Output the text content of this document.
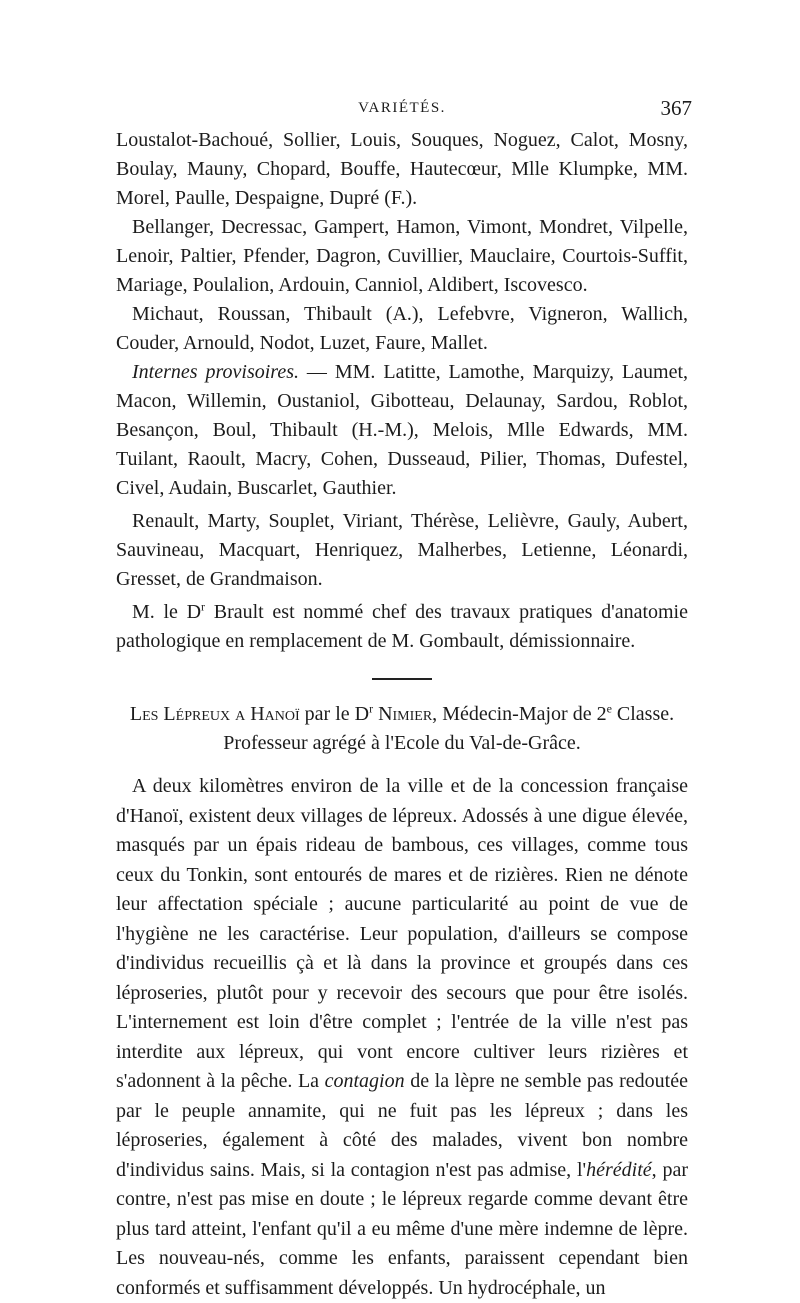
VARIÉTÉS.	367

Loustalot-Bachoué, Sollier, Louis, Souques, Noguez, Calot, Mosny, Boulay, Mauny, Chopard, Bouffe, Hautecœur, Mlle Klumpke, MM. Morel, Paulle, Despaigne, Dupré (F.).

Bellanger, Decressac, Gampert, Hamon, Vimont, Mondret, Vilpelle, Lenoir, Paltier, Pfender, Dagron, Cuvillier, Mauclaire, Courtois-Suffit, Mariage, Poulalion, Ardouin, Canniol, Aldibert, Iscovesco.

Michaut, Roussan, Thibault (A.), Lefebvre, Vigneron, Wallich, Couder, Arnould, Nodot, Luzet, Faure, Mallet.

Internes provisoires. — MM. Latitte, Lamothe, Marquizy, Laumet, Macon, Willemin, Oustaniol, Gibotteau, Delaunay, Sardou, Roblot, Besançon, Boul, Thibault (H.-M.), Melois, Mlle Edwards, MM. Tuilant, Raoult, Macry, Cohen, Dusseaud, Pilier, Thomas, Dufestel, Civel, Audain, Buscarlet, Gauthier.

Renault, Marty, Souplet, Viriant, Thérèse, Lelièvre, Gauly, Aubert, Sauvineau, Macquart, Henriquez, Malherbes, Letienne, Léonardi, Gresset, de Grandmaison.

M. le $D^r$ Brault est nommé chef des travaux pratiques d'anatomie pathologique en remplacement de M. Gombault, démissionnaire.

Les Lépreux a Hanoï par le $D^r$ Nimier, Médecin-Major de 2e Classe.
Professeur agrégé à l'Ecole du Val-de-Grâce.

A deux kilomètres environ de la ville et de la concession française d'Hanoï, existent deux villages de lépreux. Adossés à une digue élevée, masqués par un épais rideau de bambous, ces villages, comme tous ceux du Tonkin, sont entourés de mares et de rizières. Rien ne dénote leur affectation spéciale ; aucune particularité au point de vue de l'hygiène ne les caractérise. Leur population, d'ailleurs se compose d'individus recueillis çà et là dans la province et groupés dans ces léproseries, plutôt pour y recevoir des secours que pour être isolés. L'internement est loin d'être complet ; l'entrée de la ville n'est pas interdite aux lépreux, qui vont encore cultiver leurs rizières et s'adonnent à la pêche. La contagion de la lèpre ne semble pas redoutée par le peuple annamite, qui ne fuit pas les lépreux ; dans les léproseries, également à côté des malades, vivent bon nombre d'individus sains. Mais, si la contagion n'est pas admise, l'hérédité, par contre, n'est pas mise en doute ; le lépreux regarde comme devant être plus tard atteint, l'enfant qu'il a eu même d'une mère indemne de lèpre. Les nouveau-nés, comme les enfants, paraissent cependant bien conformés et suffisamment développés. Un hydrocéphale, un
